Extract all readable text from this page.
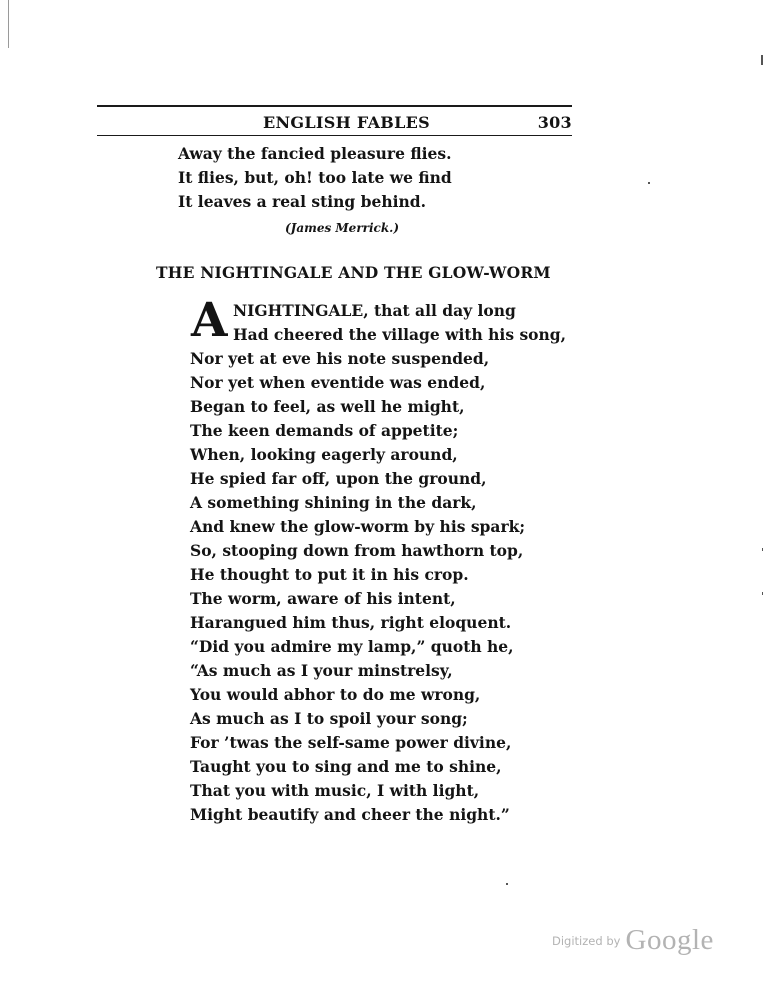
ENGLISH FABLES	303
Away the fancied pleasure flies.
It flies, but, oh! too late we find
It leaves a real sting behind.
(James Merrick.)
THE NIGHTINGALE AND THE GLOW-WORM
A NIGHTINGALE, that all day long
Had cheered the village with his song,
Nor yet at eve his note suspended,
Nor yet when eventide was ended,
Began to feel, as well he might,
The keen demands of appetite;
When, looking eagerly around,
He spied far off, upon the ground,
A something shining in the dark,
And knew the glow-worm by his spark;
So, stooping down from hawthorn top,
He thought to put it in his crop.
The worm, aware of his intent,
Harangued him thus, right eloquent.
“Did you admire my lamp,” quoth he,
“As much as I your minstrelsy,
You would abhor to do me wrong,
As much as I to spoil your song;
For ’twas the self-same power divine,
Taught you to sing and me to shine,
That you with music, I with light,
Might beautify and cheer the night.”
$^{Digitized by}$ Google
